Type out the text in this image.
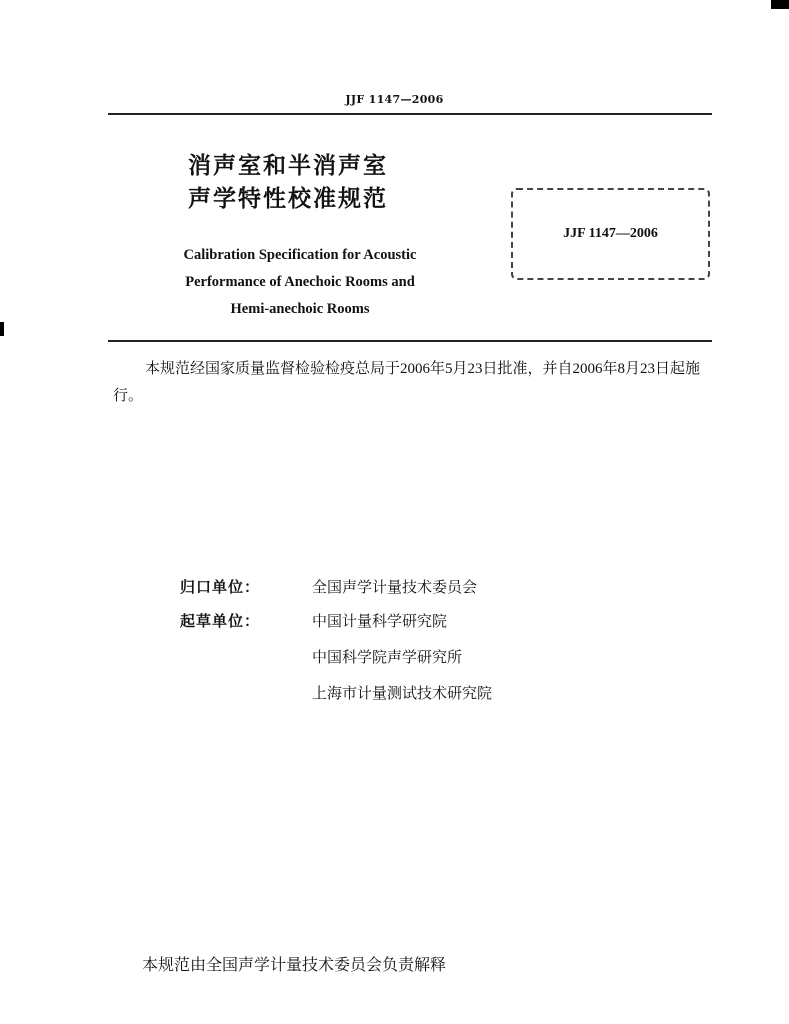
JJF 1147—2006
消声室和半消声室
声学特性校准规范
Calibration Specification for Acoustic
Performance of Anechoic Rooms and
Hemi-anechoic Rooms
JJF 1147—2006
本规范经国家质量监督检验检疫总局于2006年5月23日批准，并自2006年8月23日起施行。
归口单位：	全国声学计量技术委员会
起草单位：	中国计量科学研究院
中国科学院声学研究所
上海市计量测试技术研究院
本规范由全国声学计量技术委员会负责解释
